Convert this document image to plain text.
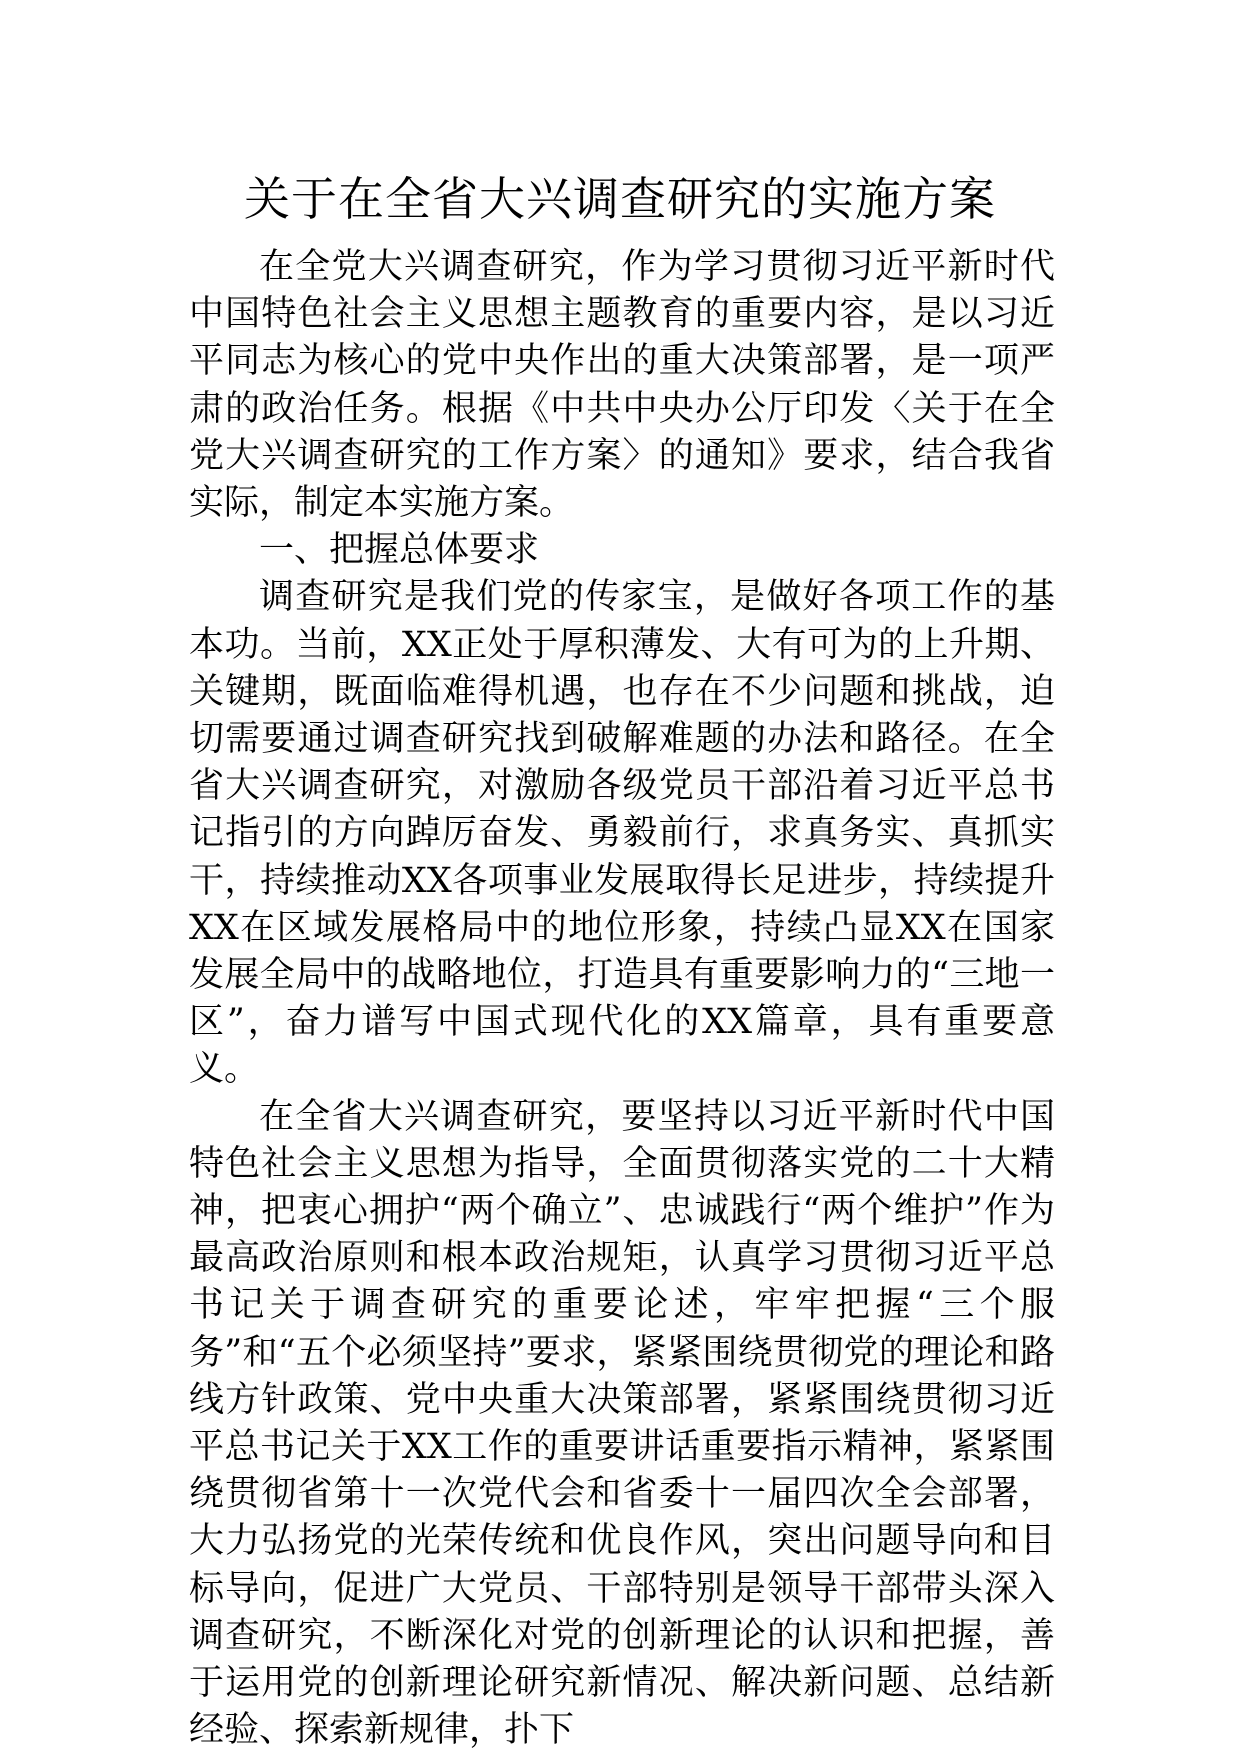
关于在全省大兴调查研究的实施方案

在全党大兴调查研究，作为学习贯彻习近平新时代中国特色社会主义思想主题教育的重要内容，是以习近平同志为核心的党中央作出的重大决策部署，是一项严肃的政治任务。根据《中共中央办公厅印发〈关于在全党大兴调查研究的工作方案〉的通知》要求，结合我省实际，制定本实施方案。

一、把握总体要求

调查研究是我们党的传家宝，是做好各项工作的基本功。当前，XX正处于厚积薄发、大有可为的上升期、关键期，既面临难得机遇，也存在不少问题和挑战，迫切需要通过调查研究找到破解难题的办法和路径。在全省大兴调查研究，对激励各级党员干部沿着习近平总书记指引的方向踔厉奋发、勇毅前行，求真务实、真抓实干，持续推动XX各项事业发展取得长足进步，持续提升XX在区域发展格局中的地位形象，持续凸显XX在国家发展全局中的战略地位，打造具有重要影响力的“三地一区”，奋力谱写中国式现代化的XX篇章，具有重要意义。

在全省大兴调查研究，要坚持以习近平新时代中国特色社会主义思想为指导，全面贯彻落实党的二十大精神，把衷心拥护“两个确立”、忠诚践行“两个维护”作为最高政治原则和根本政治规矩，认真学习贯彻习近平总书记关于调查研究的重要论述，牢牢把握“三个服务”和“五个必须坚持”要求，紧紧围绕贯彻党的理论和路线方针政策、党中央重大决策部署，紧紧围绕贯彻习近平总书记关于XX工作的重要讲话重要指示精神，紧紧围绕贯彻省第十一次党代会和省委十一届四次全会部署，大力弘扬党的光荣传统和优良作风，突出问题导向和目标导向，促进广大党员、干部特别是领导干部带头深入调查研究，不断深化对党的创新理论的认识和把握，善于运用党的创新理论研究新情况、解决新问题、总结新经验、探索新规律，扑下
